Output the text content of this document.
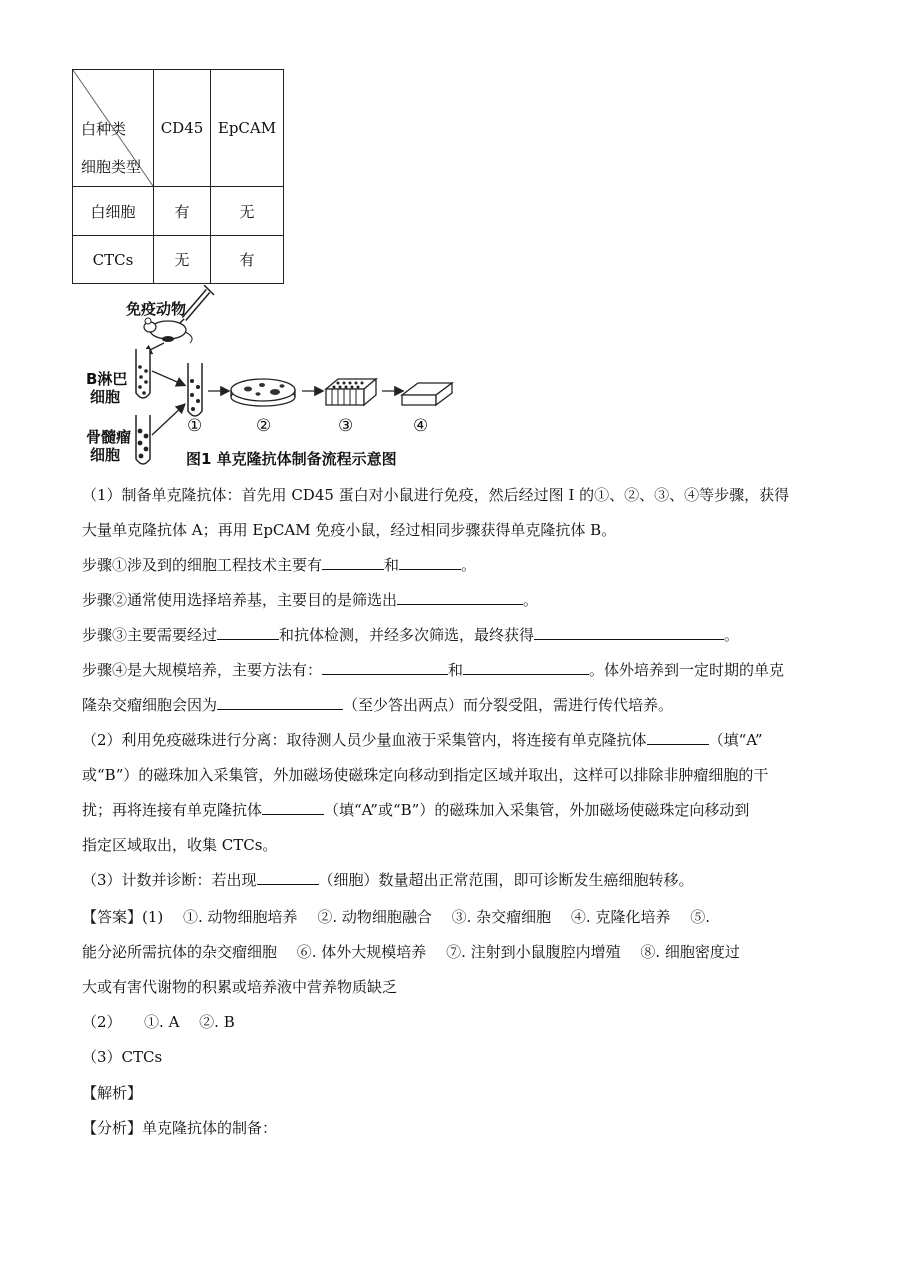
白种类
细胞类型	CD45	EpCAM
白细胞	有	无
CTCs	无	有
免疫动物
B淋巴
细胞
骨髓瘤
细胞
①	②	③	④
图1 单克隆抗体制备流程示意图
（1）制备单克隆抗体：首先用 CD45 蛋白对小鼠进行免疫，然后经过图 I 的①、②、③、④等步骤，获得
大量单克隆抗体 A；再用 EpCAM 免疫小鼠，经过相同步骤获得单克隆抗体 B。
步骤①涉及到的细胞工程技术主要有	和	。
步骤②通常使用选择培养基，主要目的是筛选出	。
步骤③主要需要经过	和抗体检测，并经多次筛选，最终获得	。
步骤④是大规模培养，主要方法有：	和	。体外培养到一定时期的单克
隆杂交瘤细胞会因为	（至少答出两点）而分裂受阻，需进行传代培养。
（2）利用免疫磁珠进行分离：取待测人员少量血液于采集管内，将连接有单克隆抗体	（填“A”
或“B”）的磁珠加入采集管，外加磁场使磁珠定向移动到指定区域并取出，这样可以排除非肿瘤细胞的干
扰；再将连接有单克隆抗体	（填“A”或“B”）的磁珠加入采集管，外加磁场使磁珠定向移动到
指定区域取出，收集 CTCs。
（3）计数并诊断：若出现	（细胞）数量超出正常范围，即可诊断发生癌细胞转移。
【答案】(1)　 ①. 动物细胞培养　 ②. 动物细胞融合　 ③. 杂交瘤细胞　 ④. 克隆化培养　 ⑤.
能分泌所需抗体的杂交瘤细胞　 ⑥. 体外大规模培养　 ⑦. 注射到小鼠腹腔内增殖　 ⑧. 细胞密度过
大或有害代谢物的积累或培养液中营养物质缺乏
（2）　　①. A　 ②. B
（3）CTCs
【解析】
【分析】单克隆抗体的制备：
